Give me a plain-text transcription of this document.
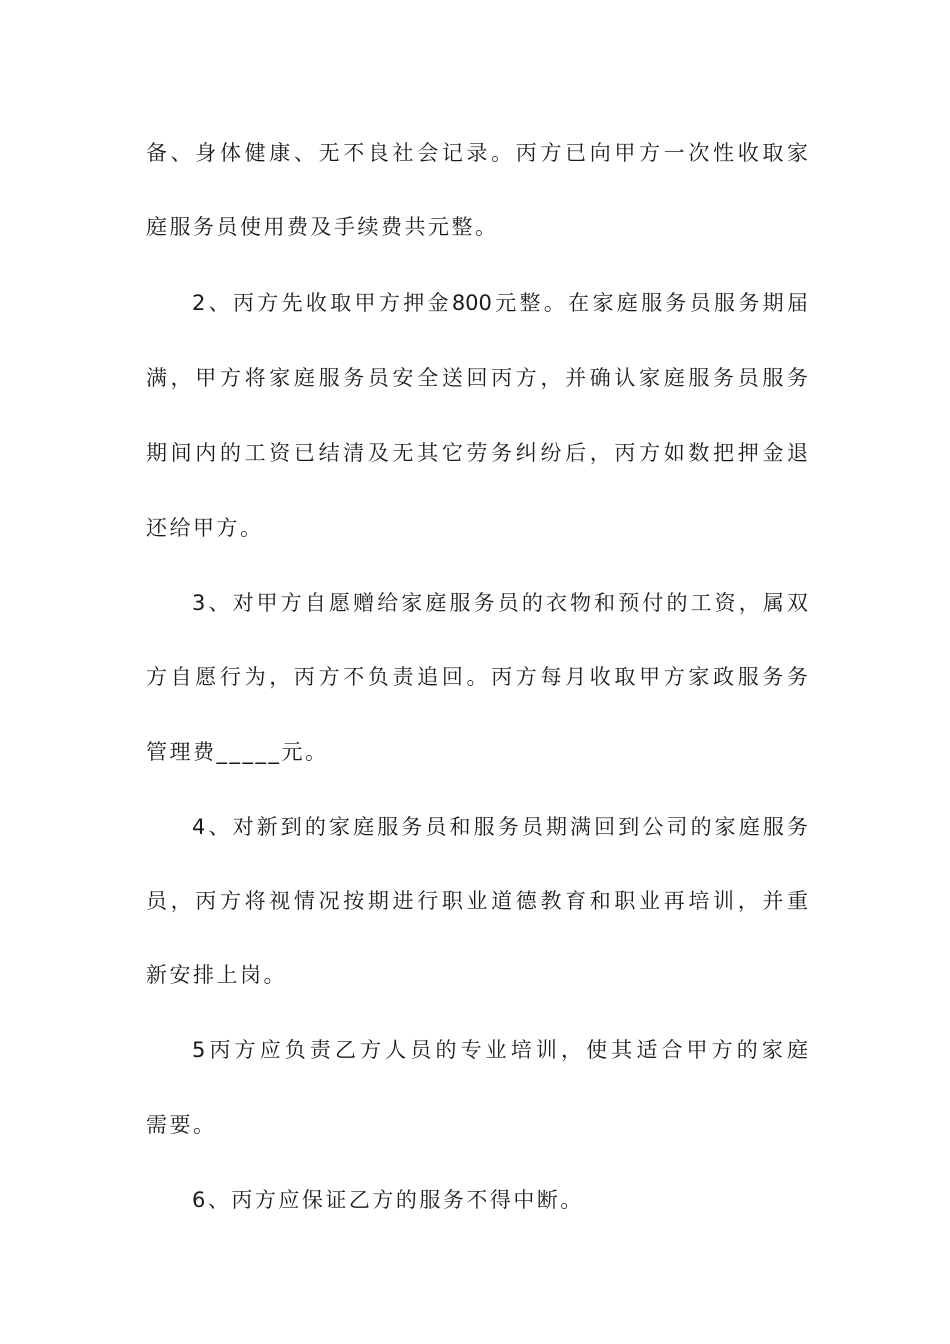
备、身体健康、无不良社会记录。丙方已向甲方一次性收取家
庭服务员使用费及手续费共元整。
2、丙方先收取甲方押金800元整。在家庭服务员服务期届
满，甲方将家庭服务员安全送回丙方，并确认家庭服务员服务
期间内的工资已结清及无其它劳务纠纷后，丙方如数把押金退
还给甲方。
3、对甲方自愿赠给家庭服务员的衣物和预付的工资，属双
方自愿行为，丙方不负责追回。丙方每月收取甲方家政服务务
管理费_____元。
4、对新到的家庭服务员和服务员期满回到公司的家庭服务
员，丙方将视情况按期进行职业道德教育和职业再培训，并重
新安排上岗。
5丙方应负责乙方人员的专业培训，使其适合甲方的家庭
需要。
6、丙方应保证乙方的服务不得中断。
